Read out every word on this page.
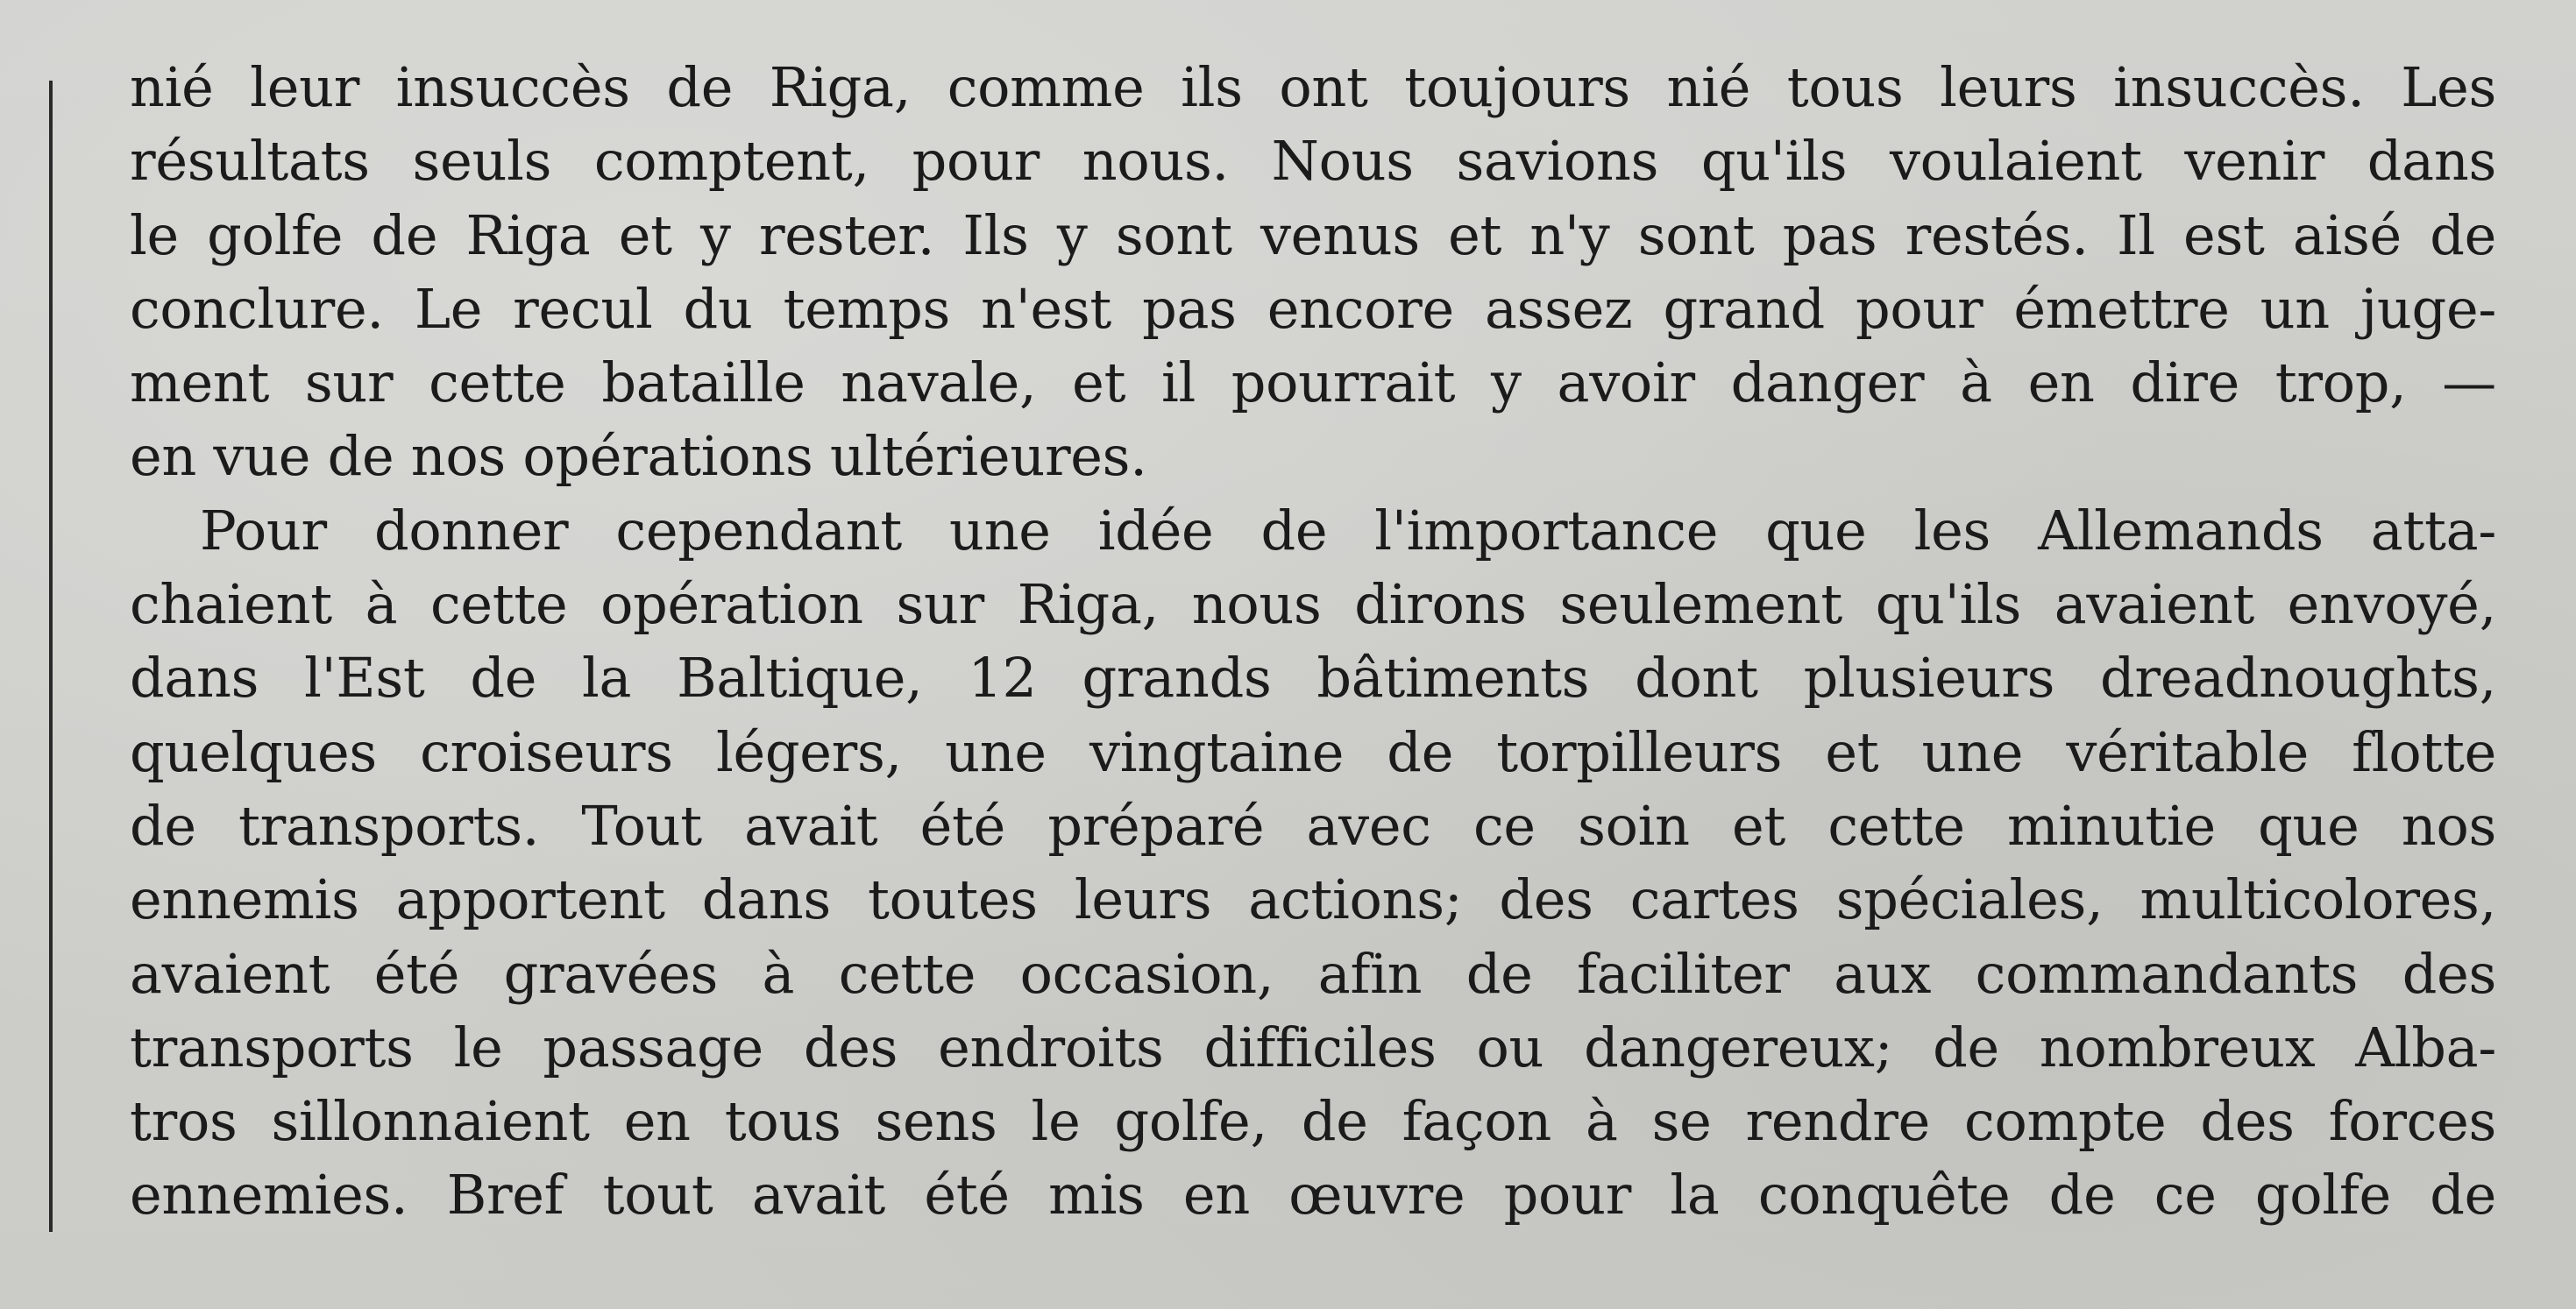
nié leur insuccès de Riga, comme ils ont toujours nié tous leurs insuccès. Les
résultats seuls comptent, pour nous. Nous savions qu'ils voulaient venir dans
le golfe de Riga et y rester. Ils y sont venus et n'y sont pas restés. Il est aisé de
conclure. Le recul du temps n'est pas encore assez grand pour émettre un juge-
ment sur cette bataille navale, et il pourrait y avoir danger à en dire trop, —
en vue de nos opérations ultérieures.
Pour donner cependant une idée de l'importance que les Allemands atta-
chaient à cette opération sur Riga, nous dirons seulement qu'ils avaient envoyé,
dans l'Est de la Baltique, 12 grands bâtiments dont plusieurs dreadnoughts,
quelques croiseurs légers, une vingtaine de torpilleurs et une véritable flotte
de transports. Tout avait été préparé avec ce soin et cette minutie que nos
ennemis apportent dans toutes leurs actions; des cartes spéciales, multicolores,
avaient été gravées à cette occasion, afin de faciliter aux commandants des
transports le passage des endroits difficiles ou dangereux; de nombreux Alba-
tros sillonnaient en tous sens le golfe, de façon à se rendre compte des forces
ennemies. Bref tout avait été mis en œuvre pour la conquête de ce golfe de
